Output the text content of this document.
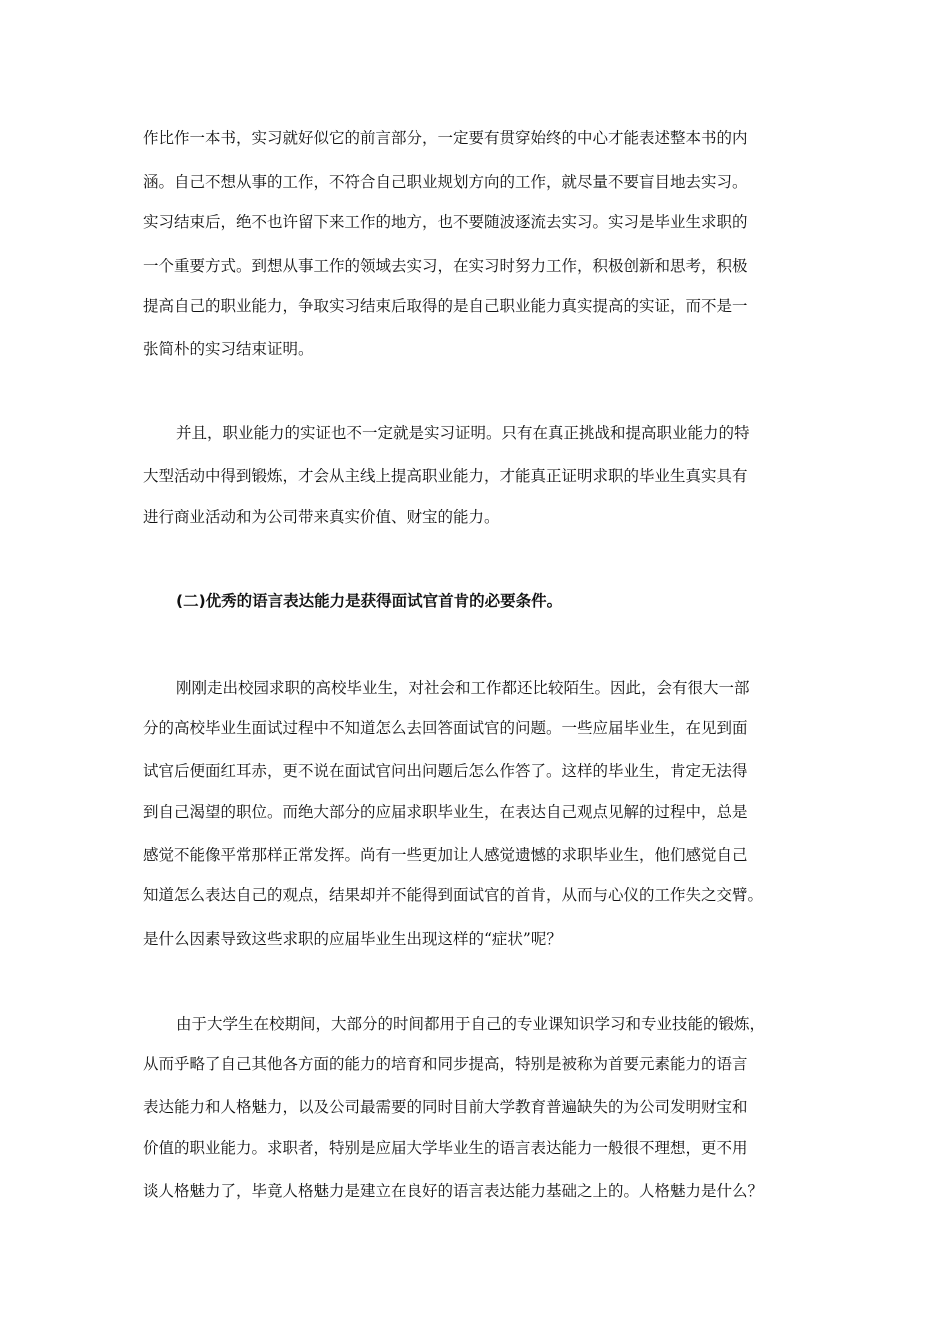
作比作一本书，实习就好似它的前言部分，一定要有贯穿始终的中心才能表述整本书的内
涵。自己不想从事的工作，不符合自己职业规划方向的工作，就尽量不要盲目地去实习。
实习结束后，绝不也许留下来工作的地方，也不要随波逐流去实习。实习是毕业生求职的
一个重要方式。到想从事工作的领域去实习，在实习时努力工作，积极创新和思考，积极
提高自己的职业能力，争取实习结束后取得的是自己职业能力真实提高的实证，而不是一
张简朴的实习结束证明。
并且，职业能力的实证也不一定就是实习证明。只有在真正挑战和提高职业能力的特
大型活动中得到锻炼，才会从主线上提高职业能力，才能真正证明求职的毕业生真实具有
进行商业活动和为公司带来真实价值、财宝的能力。
(二)优秀的语言表达能力是获得面试官首肯的必要条件。
刚刚走出校园求职的高校毕业生，对社会和工作都还比较陌生。因此，会有很大一部
分的高校毕业生面试过程中不知道怎么去回答面试官的问题。一些应届毕业生，在见到面
试官后便面红耳赤，更不说在面试官问出问题后怎么作答了。这样的毕业生，肯定无法得
到自己渴望的职位。而绝大部分的应届求职毕业生，在表达自己观点见解的过程中，总是
感觉不能像平常那样正常发挥。尚有一些更加让人感觉遗憾的求职毕业生，他们感觉自己
知道怎么表达自己的观点，结果却并不能得到面试官的首肯，从而与心仪的工作失之交臂。
是什么因素导致这些求职的应届毕业生出现这样的“症状”呢？
由于大学生在校期间，大部分的时间都用于自己的专业课知识学习和专业技能的锻炼，
从而乎略了自己其他各方面的能力的培育和同步提高，特别是被称为首要元素能力的语言
表达能力和人格魅力，以及公司最需要的同时目前大学教育普遍缺失的为公司发明财宝和
价值的职业能力。求职者，特别是应届大学毕业生的语言表达能力一般很不理想，更不用
谈人格魅力了，毕竟人格魅力是建立在良好的语言表达能力基础之上的。人格魅力是什么？
